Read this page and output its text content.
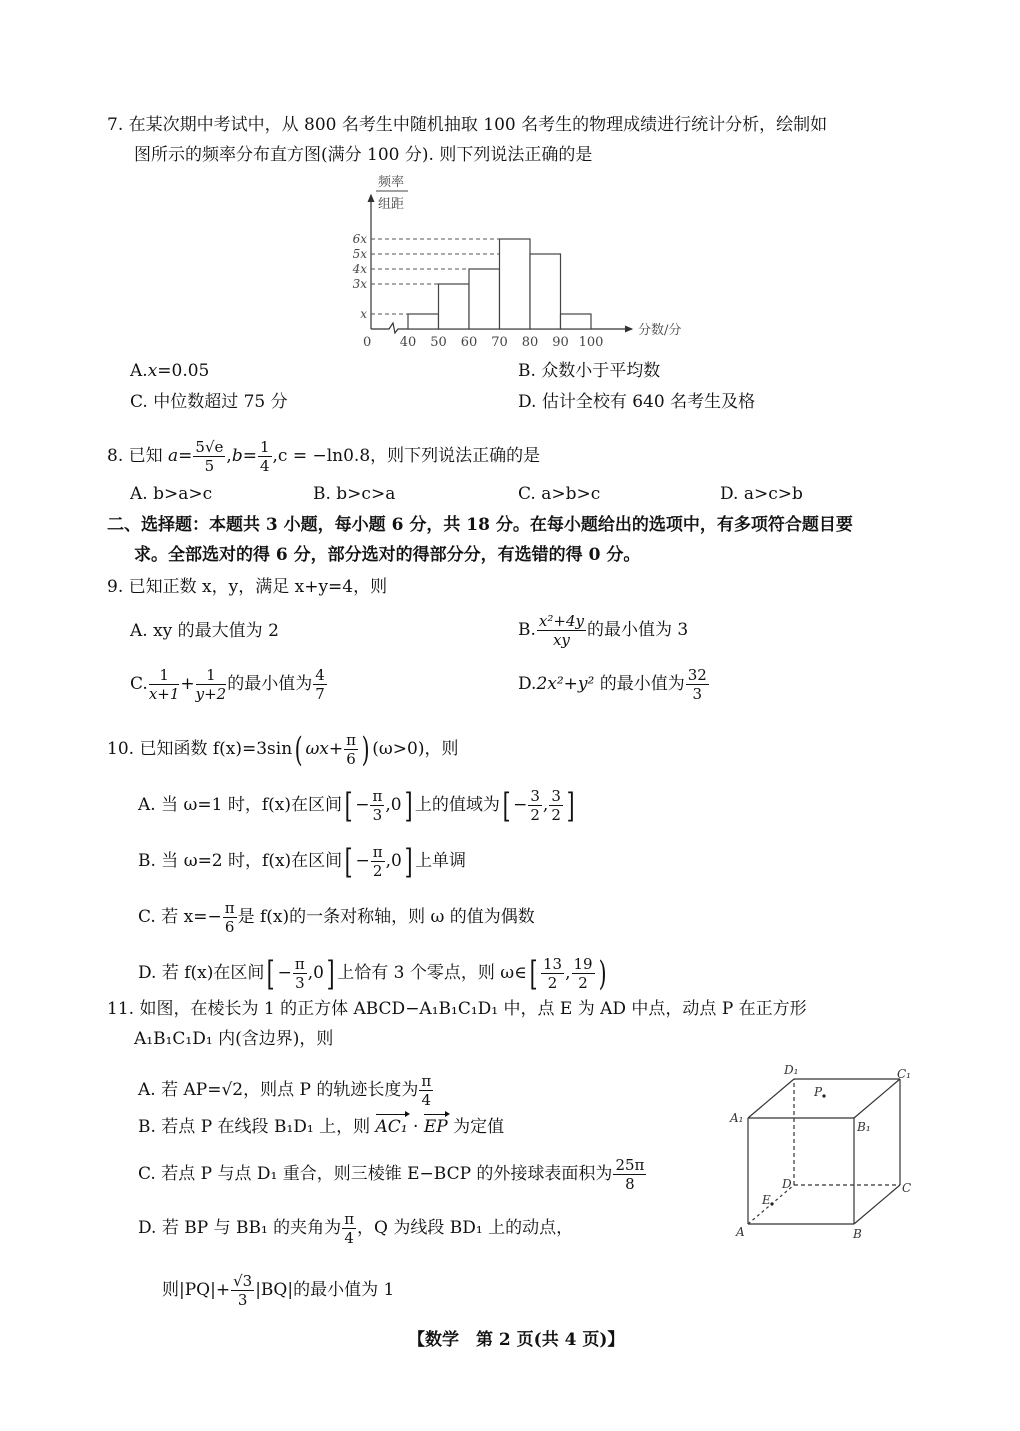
7. 在某次期中考试中，从 800 名考生中随机抽取 100 名考生的物理成绩进行统计分析，绘制如
图所示的频率分布直方图(满分 100 分). 则下列说法正确的是
x
3x
4x
5x
6x
40 50 60 70 80 90 100
频率
组距
分数/分
0
A.x=0.05	B. 众数小于平均数
C. 中位数超过 75 分	D. 估计全校有 640 名考生及格
8. 已知 $a= \frac{5√e}{5} ,b= \frac{1}{4} ,c = -\ln 0.8$，则下列说法正确的是
A. b>a>c	B. b>c>a	C. a>b>c	D. a>c>b
二、选择题：本题共 3 小题，每小题 6 分，共 18 分。在每小题给出的选项中，有多项符合题目要
求。全部选对的得 6 分，部分选对的得部分分，有选错的得 0 分。
9. 已知正数 x，y，满足 x+y=4，则
A. xy 的最大值为 2	B. $\frac{\text{x²+4y}}{xy}$ 的最小值为 3
C. $\frac{1}{x+1} + \frac{1}{y+2}$ 的最小值为 $\frac{4}{7}$	D.2x²+y² 的最小值为 $\frac{32}{3}$
10. 已知函数 f(x)=3sin( $\omega x+ \frac{\pi}{6}$ ) (ω>0)，则
A. 当 ω=1 时，f(x)在区间[ − $\frac{\pi}{3} ,0$] 上的值域为[ − $\frac{3}{2}$ , $\frac{3}{2}$ ]
B. 当 ω=2 时，f(x)在区间[ − $\frac{\pi}{2} ,0$] 上单调
C. 若 $x=- \frac{\pi}{6}$ 是 f(x)的一条对称轴，则 ω 的值为偶数
D. 若 f(x)在区间[ − $\frac{\pi}{3} ,0$] 上恰有 3 个零点，则 ω∈[ $\frac{13}{2}$ , $\frac{19}{2}$ )
11. 如图，在棱长为 1 的正方体 ABCD−A₁B₁C₁D₁ 中，点 E 为 AD 中点，动点 P 在正方形
A₁B₁C₁D₁ 内(含边界)，则
A. 若 AP=√2，则点 P 的轨迹长度为 $\frac{\pi}{4}$
B. 若点 P 在线段 B₁D₁ 上，则 AC₁ · EP 为定值
C. 若点 P 与点 D₁ 重合，则三棱锥 E−BCP 的外接球表面积为 $\frac{25\pi}{8}$
D. 若 BP 与 BB₁ 的夹角为 $\frac{\pi}{4}$ ，Q 为线段 BD₁ 上的动点，
则$|PQ|+ \frac{√3}{3} |BQ|$的最小值为 1
A	B
C
D
A₁
B₁
C₁
D₁
E
P
【数学　第 2 页(共 4 页)】
